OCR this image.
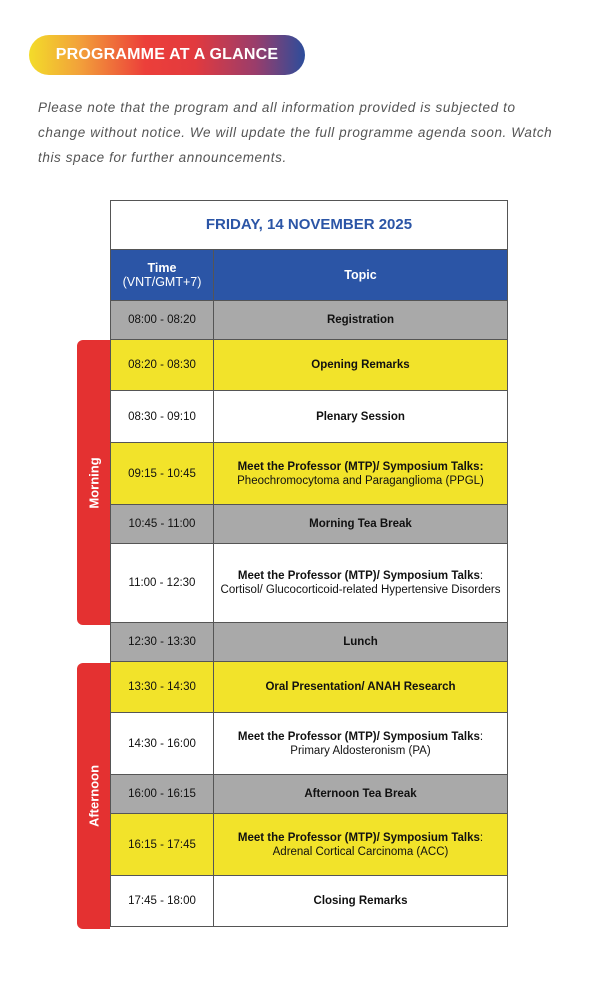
PROGRAMME AT A GLANCE

Please note that the program and all information provided is subjected to change without notice. We will update the full programme agenda soon. Watch this space for further announcements.

Morning
Afternoon
FRIDAY, 14 NOVEMBER 2025	
Time
(VNT/GMT+7)	Topic
08:00 - 08:20	Registration
08:20 - 08:30	Opening Remarks
08:30 - 09:10	Plenary Session
09:15 - 10:45	Meet the Professor (MTP)/ Symposium Talks:
Pheochromocytoma and Paraganglioma (PPGL)

10:45 - 11:00	Morning Tea Break
11:00 - 12:30	Meet the Professor (MTP)/ Symposium Talks:
Cortisol/ Glucocorticoid-related Hypertensive Disorders

12:30 - 13:30	Lunch
13:30 - 14:30	Oral Presentation/ ANAH Research
14:30 - 16:00	Meet the Professor (MTP)/ Symposium Talks:
Primary Aldosteronism (PA)

16:00 - 16:15	Afternoon Tea Break
16:15 - 17:45	Meet the Professor (MTP)/ Symposium Talks:
Adrenal Cortical Carcinoma (ACC)

17:45 - 18:00	Closing Remarks
